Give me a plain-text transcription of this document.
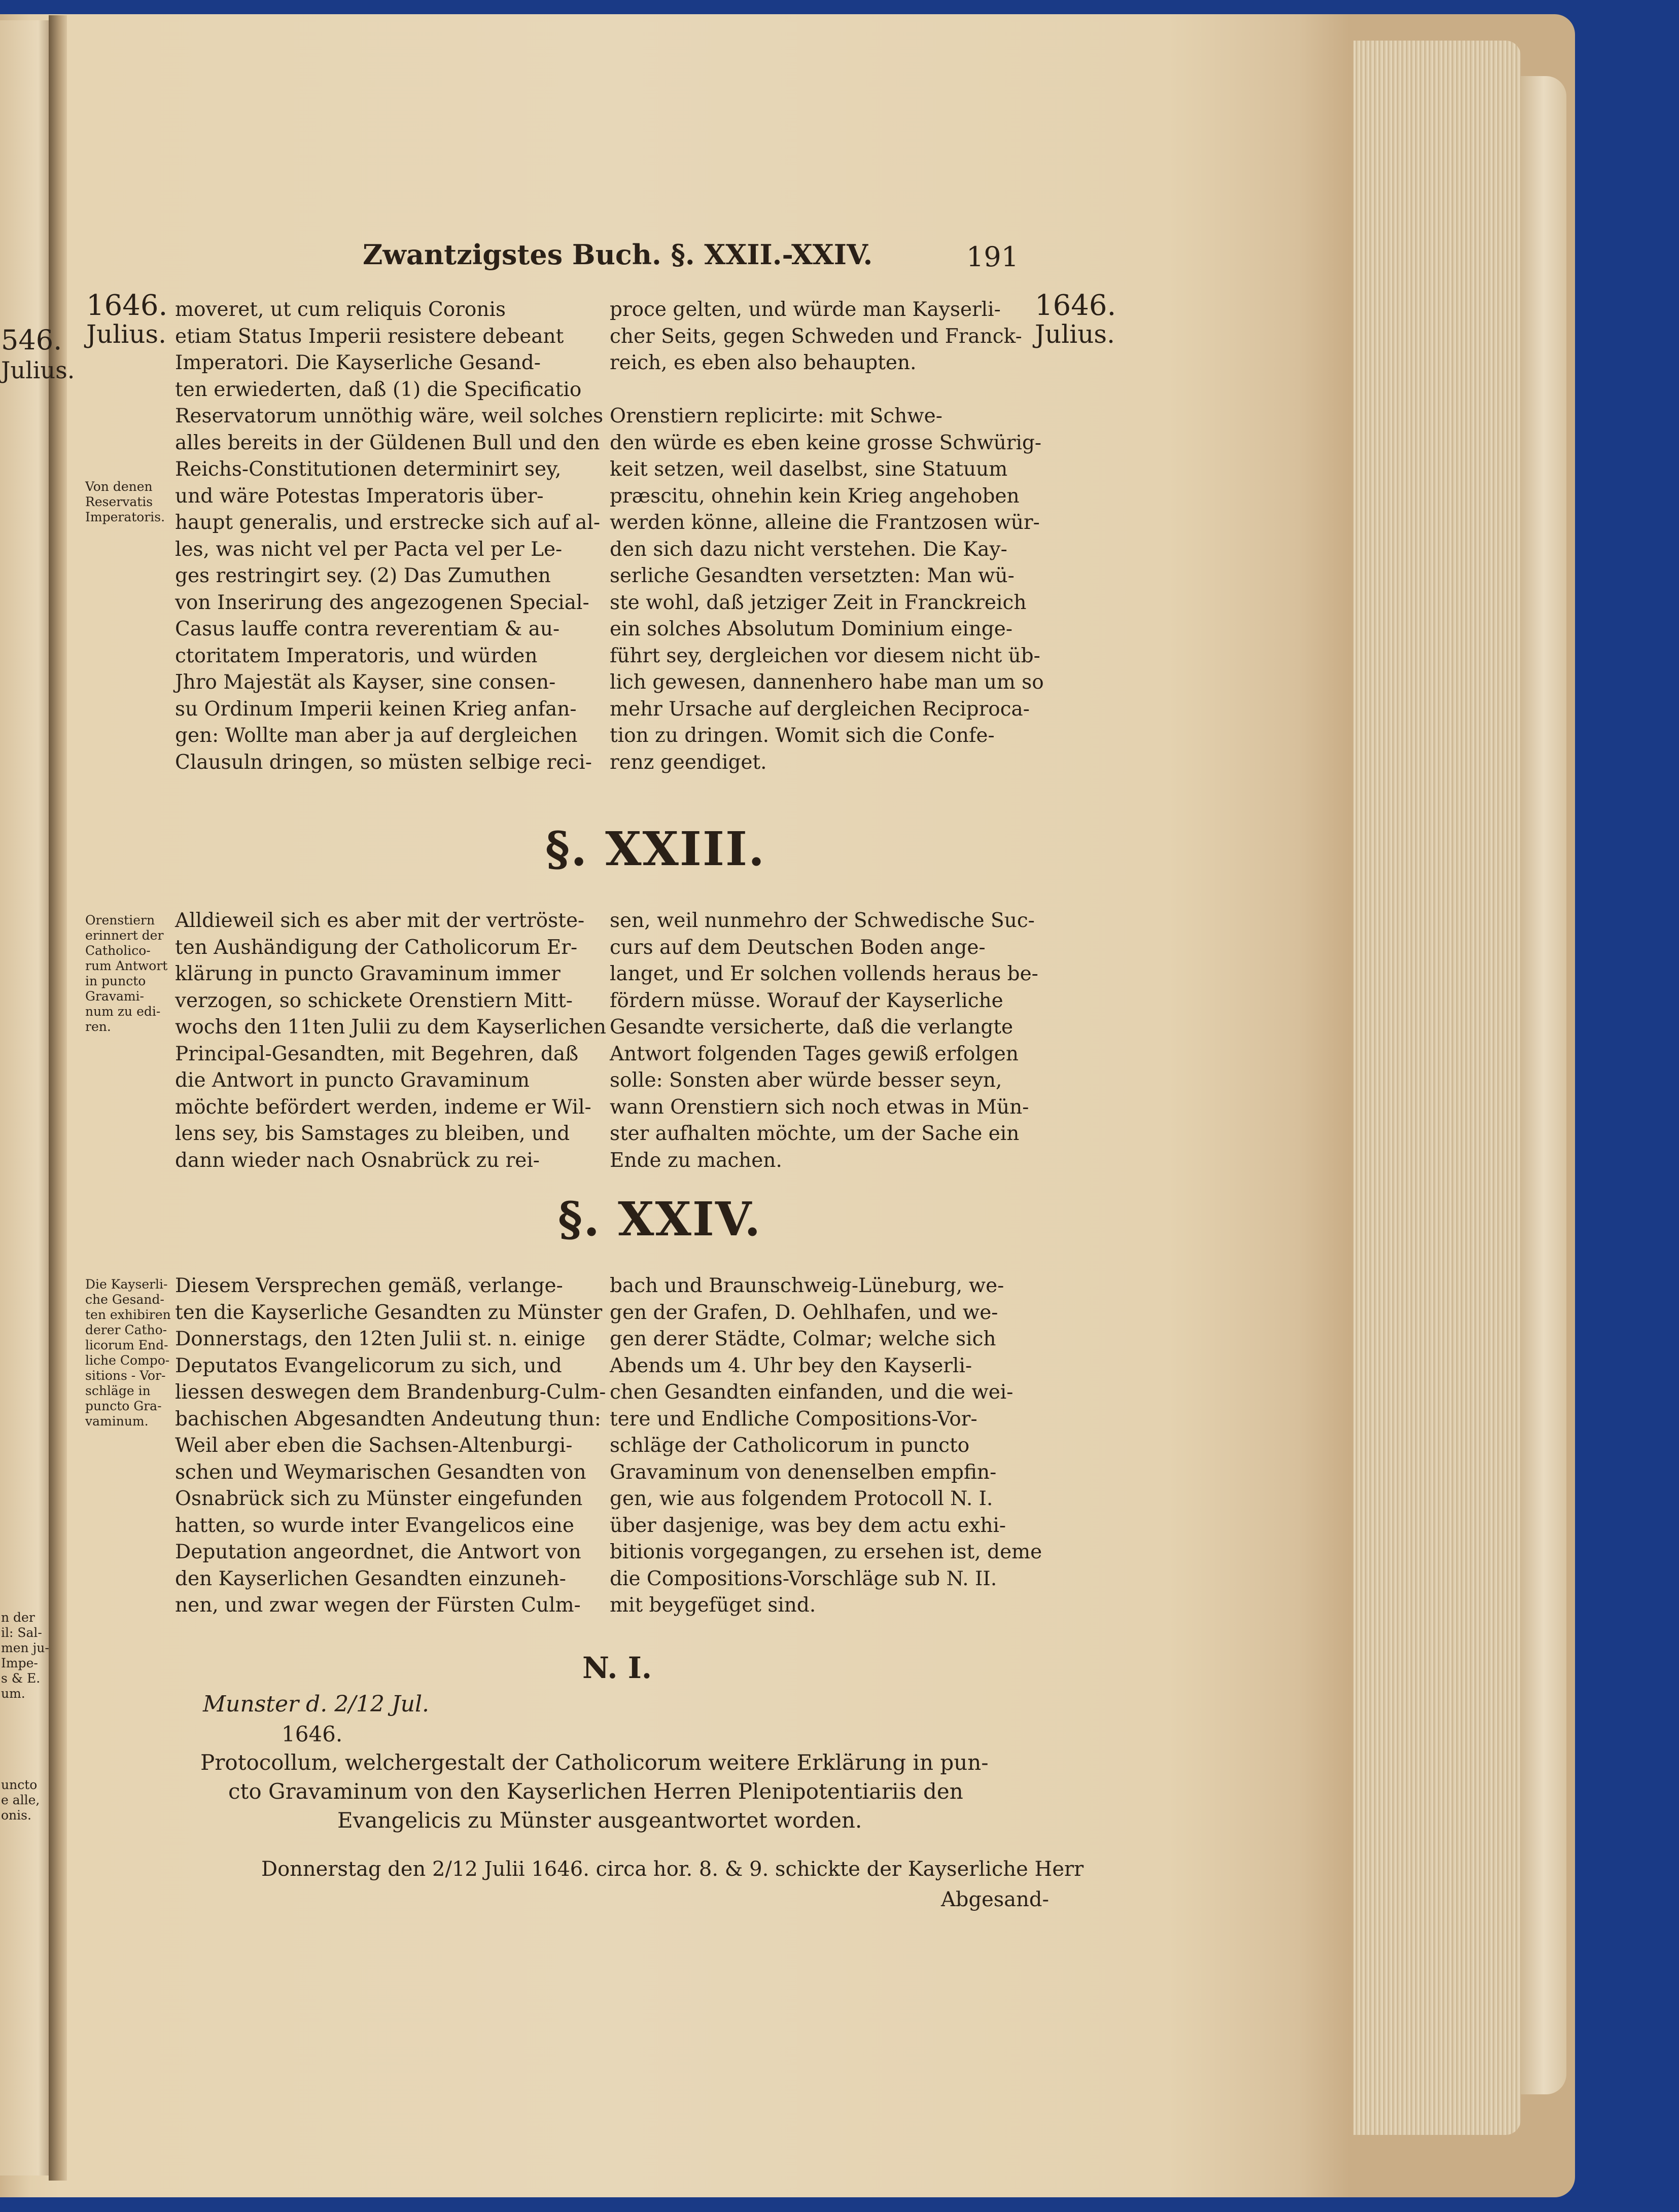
546.
Julius.
n der
il: Sal-
men ju-
Impe-
s & E.
um.
uncto
e alle,
onis.
Zwantzigstes Buch. §. XXII.-XXIV.	191
1646.
Julius.
1646.
Julius.
Von denen
Reservatis
Imperatoris.
Orenstiern
erinnert der
Catholico-
rum Antwort
in puncto
Gravami-
num zu edi-
ren.
Die Kayserli-
che Gesand-
ten exhibiren
derer Catho-
licorum End-
liche Compo-
sitions - Vor-
schläge in
puncto Gra-
vaminum.
moveret, ut cum reliquis Coronis
etiam Status Imperii resistere debeant
Imperatori. Die Kayserliche Gesand-
ten erwiederten, daß (1) die Specificatio
Reservatorum unnöthig wäre, weil solches
alles bereits in der Güldenen Bull und den
Reichs-Constitutionen determinirt sey,
und wäre Potestas Imperatoris über-
haupt generalis, und erstrecke sich auf al-
les, was nicht vel per Pacta vel per Le-
ges restringirt sey. (2) Das Zumuthen
von Inserirung des angezogenen Special-
Casus lauffe contra reverentiam & au-
ctoritatem Imperatoris, und würden
Jhro Majestät als Kayser, sine consen-
su Ordinum Imperii keinen Krieg anfan-
gen: Wollte man aber ja auf dergleichen
Clausuln dringen, so müsten selbige reci-
proce gelten, und würde man Kayserli-
cher Seits, gegen Schweden und Franck-
reich, es eben also behaupten.
Orenstiern replicirte: mit Schwe-
den würde es eben keine grosse Schwürig-
keit setzen, weil daselbst, sine Statuum
præscitu, ohnehin kein Krieg angehoben
werden könne, alleine die Frantzosen wür-
den sich dazu nicht verstehen. Die Kay-
serliche Gesandten versetzten: Man wü-
ste wohl, daß jetziger Zeit in Franckreich
ein solches Absolutum Dominium einge-
führt sey, dergleichen vor diesem nicht üb-
lich gewesen, dannenhero habe man um so
mehr Ursache auf dergleichen Reciproca-
tion zu dringen. Womit sich die Confe-
renz geendiget.
§. XXIII.
Alldieweil sich es aber mit der vertröste-
ten Aushändigung der Catholicorum Er-
klärung in puncto Gravaminum immer
verzogen, so schickete Orenstiern Mitt-
wochs den 11ten Julii zu dem Kayserlichen
Principal-Gesandten, mit Begehren, daß
die Antwort in puncto Gravaminum
möchte befördert werden, indeme er Wil-
lens sey, bis Samstages zu bleiben, und
dann wieder nach Osnabrück zu rei-
sen, weil nunmehro der Schwedische Suc-
curs auf dem Deutschen Boden ange-
langet, und Er solchen vollends heraus be-
fördern müsse. Worauf der Kayserliche
Gesandte versicherte, daß die verlangte
Antwort folgenden Tages gewiß erfolgen
solle: Sonsten aber würde besser seyn,
wann Orenstiern sich noch etwas in Mün-
ster aufhalten möchte, um der Sache ein
Ende zu machen.
§. XXIV.
Diesem Versprechen gemäß, verlange-
ten die Kayserliche Gesandten zu Münster
Donnerstags, den 12ten Julii st. n. einige
Deputatos Evangelicorum zu sich, und
liessen deswegen dem Brandenburg-Culm-
bachischen Abgesandten Andeutung thun:
Weil aber eben die Sachsen-Altenburgi-
schen und Weymarischen Gesandten von
Osnabrück sich zu Münster eingefunden
hatten, so wurde inter Evangelicos eine
Deputation angeordnet, die Antwort von
den Kayserlichen Gesandten einzuneh-
nen, und zwar wegen der Fürsten Culm-
bach und Braunschweig-Lüneburg, we-
gen der Grafen, D. Oehlhafen, und we-
gen derer Städte, Colmar; welche sich
Abends um 4. Uhr bey den Kayserli-
chen Gesandten einfanden, und die wei-
tere und Endliche Compositions-Vor-
schläge der Catholicorum in puncto
Gravaminum von denenselben empfin-
gen, wie aus folgendem Protocoll N. I.
über dasjenige, was bey dem actu exhi-
bitionis vorgegangen, zu ersehen ist, deme
die Compositions-Vorschläge sub N. II.
mit beygefüget sind.
N. I.
Munster d. 2/12 Jul.
1646.
Protocollum, welchergestalt der Catholicorum weitere Erklärung in pun-
cto Gravaminum von den Kayserlichen Herren Plenipotentiariis den
Evangelicis zu Münster ausgeantwortet worden.
Donnerstag den 2/12 Julii 1646. circa hor. 8. & 9. schickte der Kayserliche Herr
Abgesand-
